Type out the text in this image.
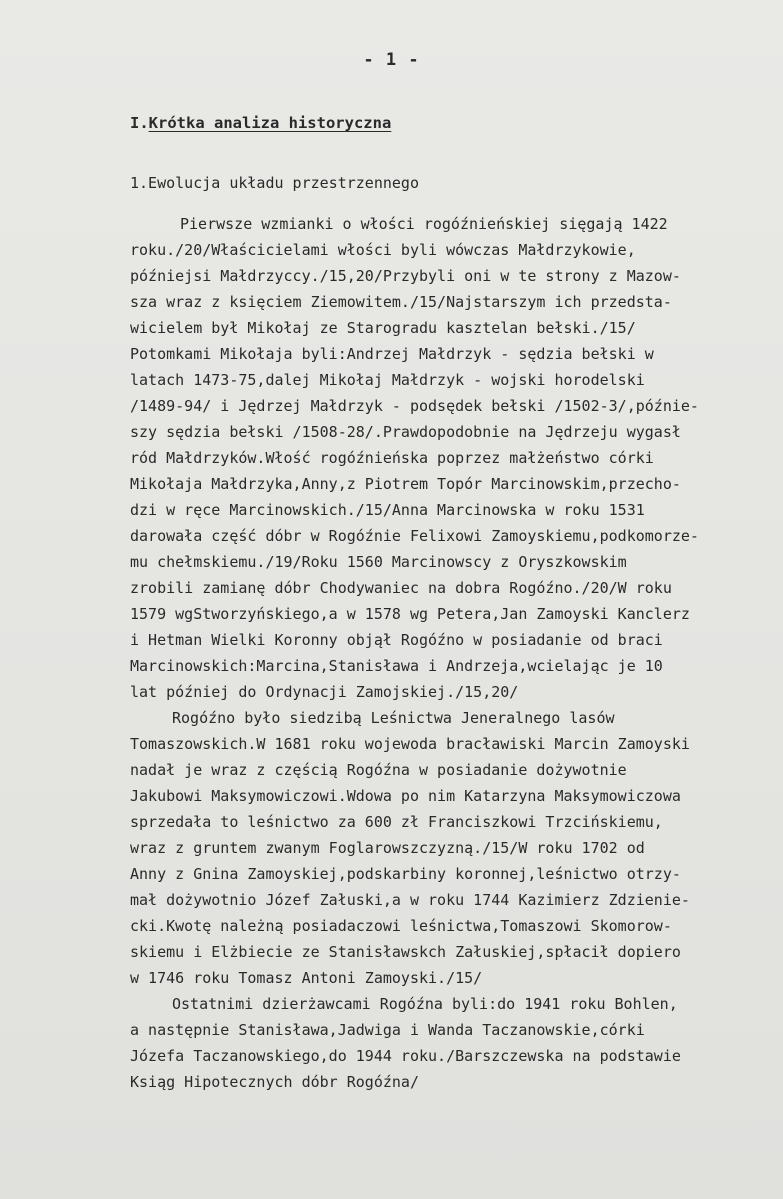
- 1 -
I.Krótka analiza historyczna
1.Ewolucja układu przestrzennego
Pierwsze wzmianki o włości rogóźnieńskiej sięgają 1422
roku./20/Właścicielami włości byli wówczas Małdrzykowie,
późniejsi Małdrzyccy./15,20/Przybyli oni w te strony z Mazow-
sza wraz z księciem Ziemowitem./15/Najstarszym ich przedsta-
wicielem był Mikołaj ze Starogradu kasztelan bełski./15/
Potomkami Mikołaja byli:Andrzej Małdrzyk - sędzia bełski w
latach 1473-75,dalej Mikołaj Małdrzyk - wojski horodelski
/1489-94/ i Jędrzej Małdrzyk - podsędek bełski /1502-3/,późnie-
szy sędzia bełski /1508-28/.Prawdopodobnie na Jędrzeju wygasł
ród Małdrzyków.Włość rogóźnieńska poprzez małżeństwo córki
Mikołaja Małdrzyka,Anny,z Piotrem Topór Marcinowskim,przecho-
dzi w ręce Marcinowskich./15/Anna Marcinowska w roku 1531
darowała część dóbr w Rogóźnie Felixowi Zamoyskiemu,podkomorze-
mu chełmskiemu./19/Roku 1560 Marcinowscy z Oryszkowskim
zrobili zamianę dóbr Chodywaniec na dobra Rogóźno./20/W roku
1579 wgStworzyńskiego,a w 1578 wg Petera,Jan Zamoyski Kanclerz
i Hetman Wielki Koronny objął Rogóźno w posiadanie od braci
Marcinowskich:Marcina,Stanisława i Andrzeja,wcielając je 10
lat później do Ordynacji Zamojskiej./15,20/
Rogóźno było siedzibą Leśnictwa Jeneralnego lasów
Tomaszowskich.W 1681 roku wojewoda bracławiski Marcin Zamoyski
nadał je wraz z częścią Rogóźna w posiadanie dożywotnie
Jakubowi Maksymowiczowi.Wdowa po nim Katarzyna Maksymowiczowa
sprzedała to leśnictwo za 600 zł Franciszkowi Trzcińskiemu,
wraz z gruntem zwanym Foglarowszczyzną./15/W roku 1702 od
Anny z Gnina Zamoyskiej,podskarbiny koronnej,leśnictwo otrzy-
mał dożywotnio Józef Załuski,a w roku 1744 Kazimierz Zdzienie-
cki.Kwotę należną posiadaczowi leśnictwa,Tomaszowi Skomorow-
skiemu i Elżbiecie ze Stanisławskch Załuskiej,spłacił dopiero
w 1746 roku Tomasz Antoni Zamoyski./15/
Ostatnimi dzierżawcami Rogóźna byli:do 1941 roku Bohlen,
a następnie Stanisława,Jadwiga i Wanda Taczanowskie,córki
Józefa Taczanowskiego,do 1944 roku./Barszczewska na podstawie
Ksiąg Hipotecznych dóbr Rogóźna/
